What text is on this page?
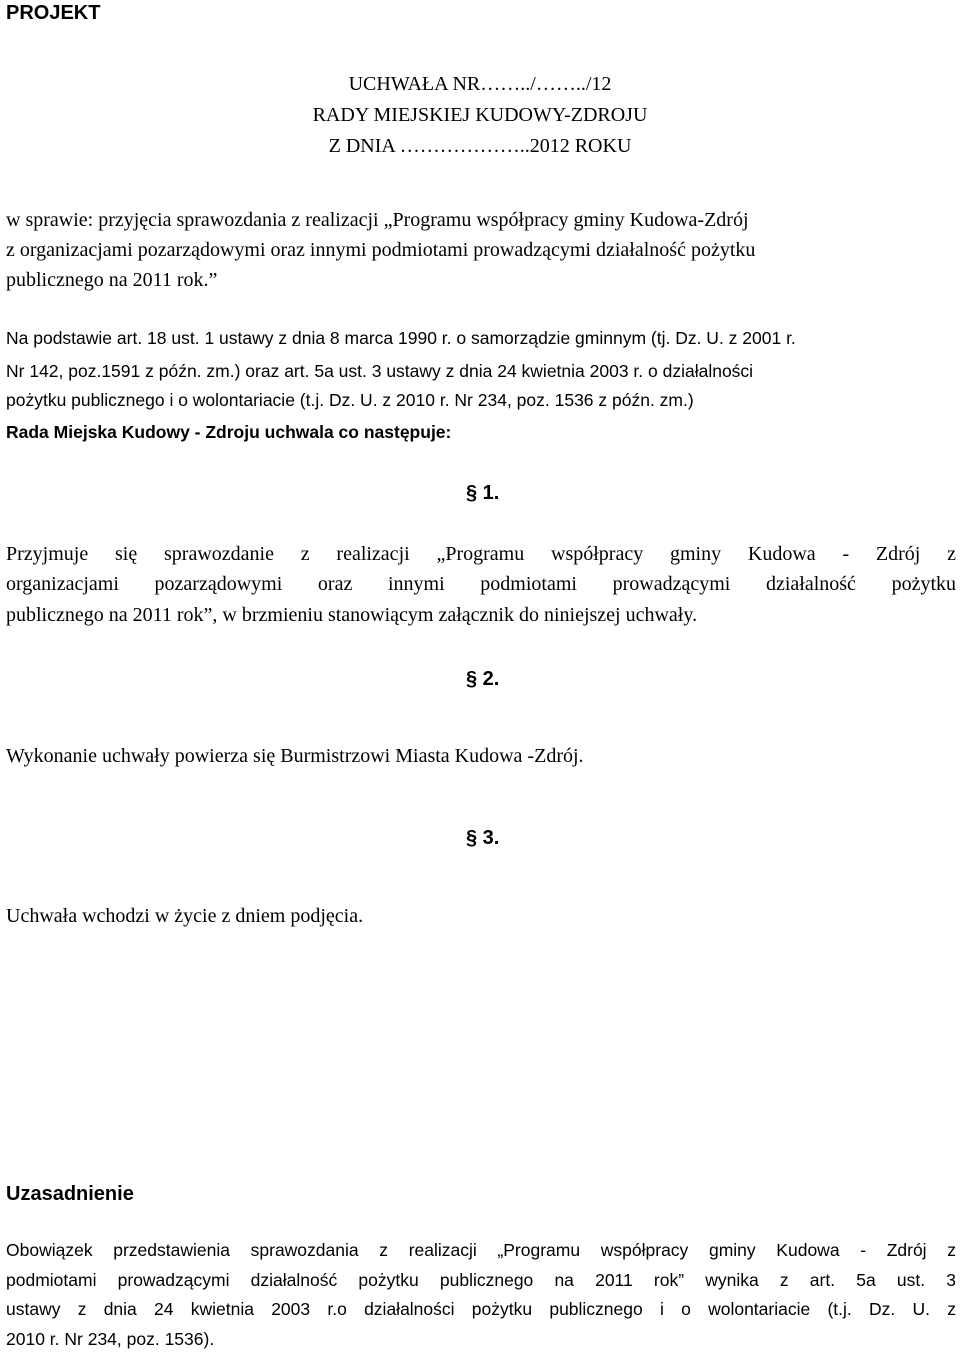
PROJEKT
UCHWAŁA NR……../……../12
RADY MIEJSKIEJ KUDOWY-ZDROJU
Z DNIA ………………..2012 ROKU
w sprawie: przyjęcia sprawozdania z realizacji „Programu współpracy gminy Kudowa-Zdrój
z organizacjami pozarządowymi oraz innymi podmiotami prowadzącymi działalność pożytku
publicznego na 2011 rok.”
Na podstawie art. 18 ust. 1 ustawy z dnia 8 marca 1990 r. o samorządzie gminnym (tj. Dz. U. z 2001 r.
Nr 142, poz.1591 z późn. zm.) oraz art. 5a ust. 3 ustawy z dnia 24 kwietnia 2003 r. o działalności
pożytku publicznego i o wolontariacie (t.j. Dz. U. z 2010 r. Nr 234, poz. 1536 z późn. zm.)
Rada Miejska Kudowy - Zdroju uchwala co następuje:
§ 1.
Przyjmuje się sprawozdanie z realizacji „Programu współpracy gminy Kudowa - Zdrój z
organizacjami pozarządowymi oraz innymi podmiotami prowadzącymi działalność pożytku
publicznego na 2011 rok”, w brzmieniu stanowiącym załącznik do niniejszej uchwały.
§ 2.
Wykonanie uchwały powierza się Burmistrzowi Miasta Kudowa -Zdrój.
§ 3.
Uchwała wchodzi w życie z dniem podjęcia.
Uzasadnienie
Obowiązek przedstawienia sprawozdania z realizacji „Programu współpracy gminy Kudowa - Zdrój z
podmiotami prowadzącymi działalność pożytku publicznego na 2011 rok” wynika z art. 5a ust. 3
ustawy z dnia 24 kwietnia 2003 r.o działalności pożytku publicznego i o wolontariacie (t.j. Dz. U. z
2010 r. Nr 234, poz. 1536).
